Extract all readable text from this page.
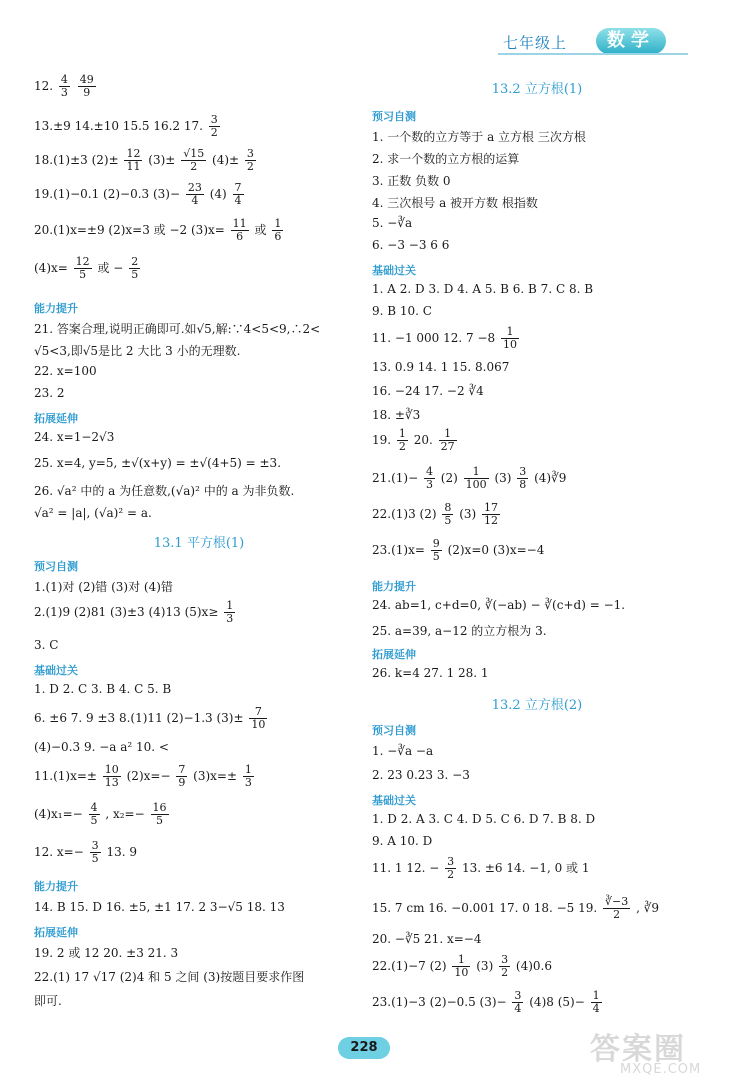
七年级上	数学
12. $\frac{4}{3}$
$\frac{49}{9}$
13.±9 14.±10 15.5 16.2 17. $\frac{3}{2}$
18.(1)±3 $(2)\pm \frac{12}{11} (3)\pm \frac{√15}{2} (4)\pm \frac{3}{2}$
19.(1)−0.1 (2)−0.3 $(3)- \frac{23}{4} (4) \frac{7}{4}$
20.(1)x=±9 (2)x=3 或 −2 $(3)x= \frac{11}{6}$ 或 $\frac{1}{6}$
$(4)x= \frac{12}{5}$ 或 − $\frac{2}{5}$
能力提升
21. 答案合理,说明正确即可.如√5,解:∵4<5<9,∴2<
√5<3,即√5是比 2 大比 3 小的无理数.
22. x=100
23. 2
拓展延伸
24. x=1−2√3
25. x=4, y=5, ±√(x+y) = ±√(4+5) = ±3.
26. √a² 中的 a 为任意数,(√a)² 中的 a 为非负数.
√a² = |a|, (√a)² = a.
13.1 平方根(1)
预习自测
1.(1)对 (2)错 (3)对 (4)错
2.(1)9 (2)81 (3)±3 (4)13 $(5)x\ge \frac{1}{3}$
3. C
基础过关
1. D 2. C 3. B 4. C 5. B
6. ±6 7. 9 ±3 8.(1)11 (2)−1.3 $(3)\pm \frac{7}{10}$
(4)−0.3 9. −a a² 10. <
$11.(1)x=\pm \frac{10}{13} (2)x=- \frac{7}{9} (3)x=\pm \frac{1}{3}$
$(4)x_1=- \frac{4}{5}$ , $x_2=- \frac{16}{5}$
12. $x=- \frac{3}{5} 13$. 9
能力提升
14. B 15. D 16. ±5, ±1 17. 2 3−√5 18. 13
拓展延伸
19. 2 或 12 20. ±3 21. 3
22.(1) 17 √17 (2)4 和 5 之间 (3)按题目要求作图
即可.
13.2 立方根(1)
预习自测
1. 一个数的立方等于 a 立方根 三次方根
2. 求一个数的立方根的运算
3. 正数 负数 0
4. 三次根号 a 被开方数 根指数
5. −∛a
6. −3 −3 6 6
基础过关
1. A 2. D 3. D 4. A 5. B 6. B 7. C 8. B
9. B 10. C
11. −1 000 12. $7 -8 \frac{1}{10}$
13. 0.9 14. 1 15. 8.067
16. −24 17. −2 ∛4
18. ±∛3
19. $\frac{1}{2} 20$. $\frac{1}{27}$
$21.(1)- \frac{4}{3} (2) \frac{1}{100} (3) \frac{3}{8}$ (4)∛9
22.(1)3 $(2) \frac{8}{5} (3) \frac{17}{12}$
$23.(1)x= \frac{9}{5} (2)x=0$ (3)x=−4
能力提升
24. ab=1, c+d=0, ∛(−ab) − ∛(c+d) = −1.
25. a=39, a−12 的立方根为 3.
拓展延伸
26. k=4 27. 1 28. 1
13.2 立方根(2)
预习自测
1. −∛a −a
2. 23 0.23 3. −3
基础过关
1. D 2. A 3. C 4. D 5. C 6. D 7. B 8. D
9. A 10. D
11. 1 12. − $\frac{3}{2} 13$. ±6 14. −1, 0 或 1
15. 7 cm 16. −0.001 17. 0 18. −5 19. $\frac{∛-3}{2}$ , ∛9
20. −∛5 21. x=−4
22.(1)−7 $(2) \frac{1}{10} (3) \frac{3}{2} (4)0.6$
23.(1)−3 (2)−0.5 $(3)- \frac{3}{4} (4)8$ $(5)- \frac{1}{4}$
228	答案圈
MXQE.COM
